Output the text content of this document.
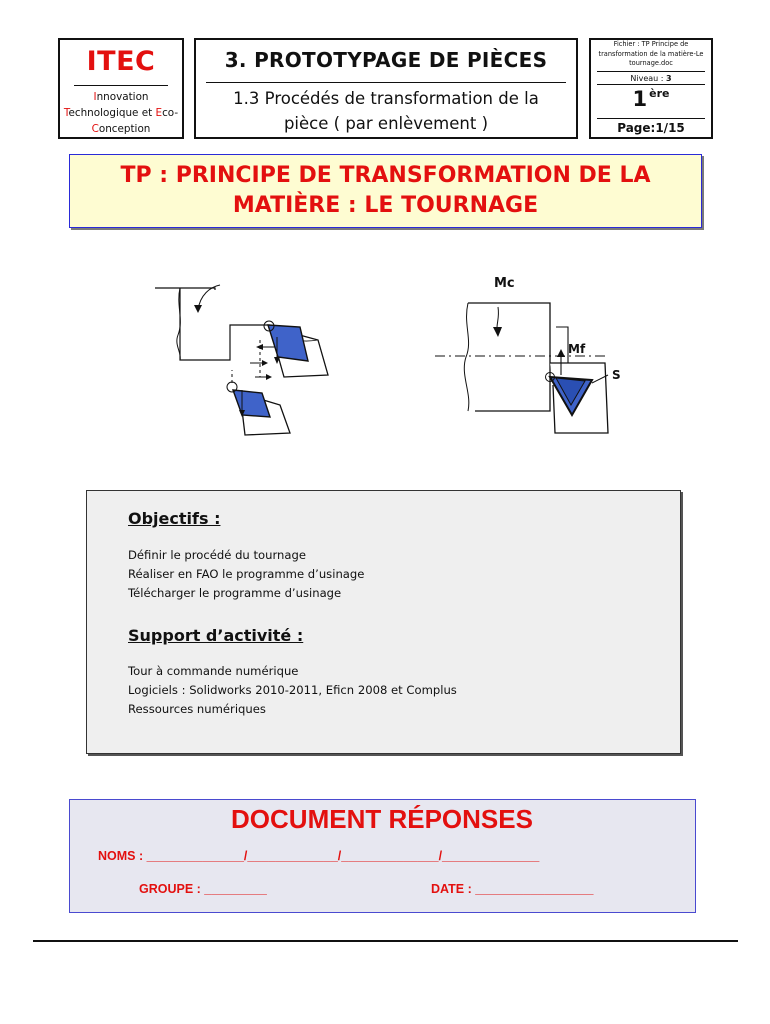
ITEC
Innovation
Technologique et Eco-
Conception
3. PROTOTYPAGE DE PIÈCES
1.3 Procédés de transformation de la
pièce ( par enlèvement )
Fichier : TP Principe de transformation de la matière-Le tournage.doc
Niveau : 3
1 $^{ère}$
Page:1/15
TP : PRINCIPE DE TRANSFORMATION DE LA
MATIÈRE : LE TOURNAGE
Mc
Mf
S
Objectifs :
Définir le procédé du tournage
Réaliser en FAO le programme d’usinage
Télécharger le programme d’usinage
Support d’activité :
Tour à commande numérique
Logiciels : Solidworks 2010-2011, Eficn 2008 et Complus
Ressources numériques
DOCUMENT RÉPONSES
NOMS : ______________/_____________/______________/______________
GROUPE : _________	DATE : _________________
